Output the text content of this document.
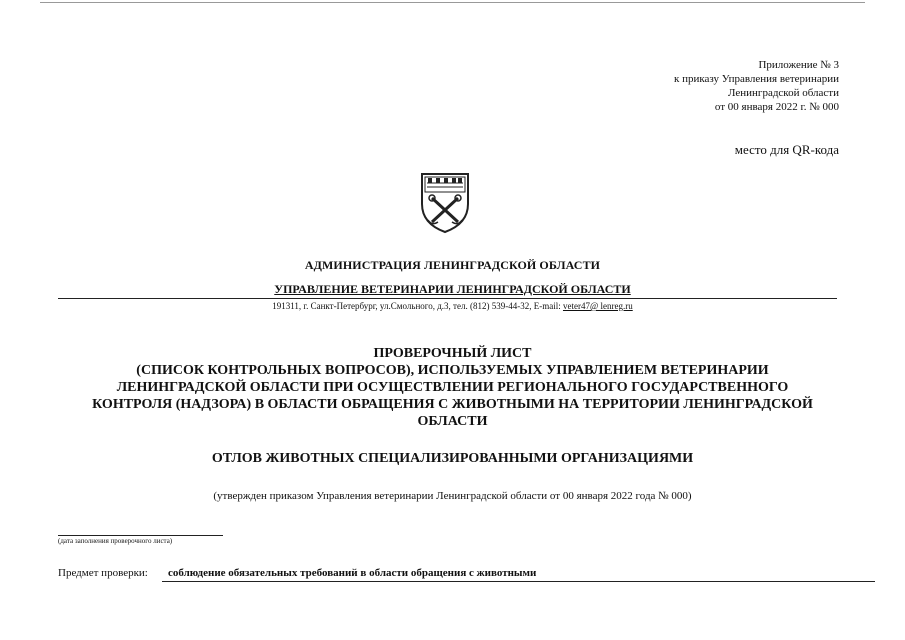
Приложение № 3
к приказу Управления ветеринарии
Ленинградской области
от 00 января 2022 г. № 000
место для QR-кода
АДМИНИСТРАЦИЯ ЛЕНИНГРАДСКОЙ ОБЛАСТИ
УПРАВЛЕНИЕ ВЕТЕРИНАРИИ ЛЕНИНГРАДСКОЙ ОБЛАСТИ
191311, г. Санкт-Петербург, ул.Смольного, д.3, тел. (812) 539-44-32, E-mail: veter47@ lenreg.ru
ПРОВЕРОЧНЫЙ ЛИСТ
(СПИСОК КОНТРОЛЬНЫХ ВОПРОСОВ), ИСПОЛЬЗУЕМЫХ УПРАВЛЕНИЕМ ВЕТЕРИНАРИИ
ЛЕНИНГРАДСКОЙ ОБЛАСТИ ПРИ ОСУЩЕСТВЛЕНИИ РЕГИОНАЛЬНОГО ГОСУДАРСТВЕННОГО
КОНТРОЛЯ (НАДЗОРА) В ОБЛАСТИ ОБРАЩЕНИЯ С ЖИВОТНЫМИ НА ТЕРРИТОРИИ ЛЕНИНГРАДСКОЙ
ОБЛАСТИ
ОТЛОВ ЖИВОТНЫХ СПЕЦИАЛИЗИРОВАННЫМИ ОРГАНИЗАЦИЯМИ
(утвержден приказом Управления ветеринарии Ленинградской области от 00 января 2022 года № 000)
(дата заполнения проверочного листа)
Предмет проверки: соблюдение обязательных требований в области обращения с животными
